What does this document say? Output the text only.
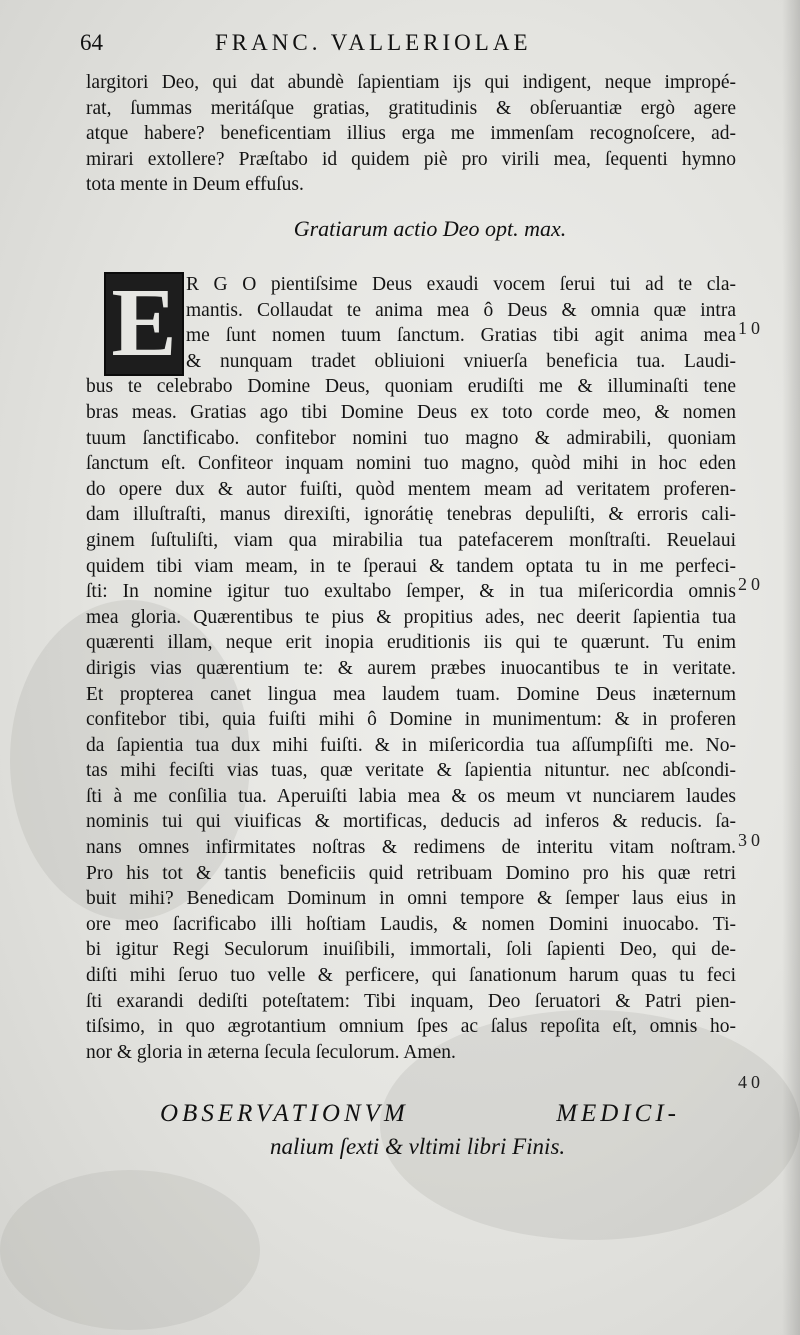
64	FRANC. VALLERIOLAE
largitori Deo, qui dat abundè ſapientiam ijs qui indigent, neque impropé-
rat, ſummas meritáſque gratias, gratitudinis & obſeruantiæ ergò agere
atque habere? beneficentiam illius erga me immenſam recognoſcere, ad-
mirari extollere? Præſtabo id quidem piè pro virili mea, ſequenti hymno
tota mente in Deum effuſus.
Gratiarum actio Deo opt. max.
E R G O pientiſsime Deus exaudi vocem ſerui tui ad te cla-
mantis. Collaudat te anima mea ô Deus & omnia quæ intra
me ſunt nomen tuum ſanctum. Gratias tibi agit anima mea
& nunquam tradet obliuioni vniuerſa beneficia tua. Laudi-
bus te celebrabo Domine Deus, quoniam erudiſti me & illuminaſti tene
bras meas. Gratias ago tibi Domine Deus ex toto corde meo, & nomen
tuum ſanctificabo. confitebor nomini tuo magno & admirabili, quoniam
ſanctum eſt. Confiteor inquam nomini tuo magno, quòd mihi in hoc eden
do opere dux & autor fuiſti, quòd mentem meam ad veritatem proferen-
dam illuſtraſti, manus direxiſti, ignorátię tenebras depuliſti, & erroris cali-
ginem ſuſtuliſti, viam qua mirabilia tua patefacerem monſtraſti. Reuelaui
quidem tibi viam meam, in te ſperaui & tandem optata tu in me perfeci-
ſti: In nomine igitur tuo exultabo ſemper, & in tua miſericordia omnis
mea gloria. Quærentibus te pius & propitius ades, nec deerit ſapientia tua
quærenti illam, neque erit inopia eruditionis iis qui te quærunt. Tu enim
dirigis vias quærentium te: & aurem præbes inuocantibus te in veritate.
Et propterea canet lingua mea laudem tuam. Domine Deus inæternum
confitebor tibi, quia fuiſti mihi ô Domine in munimentum: & in proferen
da ſapientia tua dux mihi fuiſti. & in miſericordia tua aſſumpſiſti me. No-
tas mihi feciſti vias tuas, quæ veritate & ſapientia nituntur. nec abſcondi-
ſti à me conſilia tua. Aperuiſti labia mea & os meum vt nunciarem laudes
nominis tui qui viuificas & mortificas, deducis ad inferos & reducis. ſa-
nans omnes infirmitates noſtras & redimens de interitu vitam noſtram.
Pro his tot & tantis beneficiis quid retribuam Domino pro his quæ retri
buit mihi? Benedicam Dominum in omni tempore & ſemper laus eius in
ore meo ſacrificabo illi hoſtiam Laudis, & nomen Domini inuocabo. Ti-
bi igitur Regi Seculorum inuiſibili, immortali, ſoli ſapienti Deo, qui de-
diſti mihi ſeruo tuo velle & perficere, qui ſanationum harum quas tu feci
ſti exarandi dediſti poteſtatem: Tibi inquam, Deo ſeruatori & Patri pien-
tiſsimo, in quo ægrotantium omnium ſpes ac ſalus repoſita eſt, omnis ho-
nor & gloria in æterna ſecula ſeculorum. Amen.
10
20
30
40
OBSERVATIONVM MEDICI-
nalium ſexti & vltimi libri Finis.
